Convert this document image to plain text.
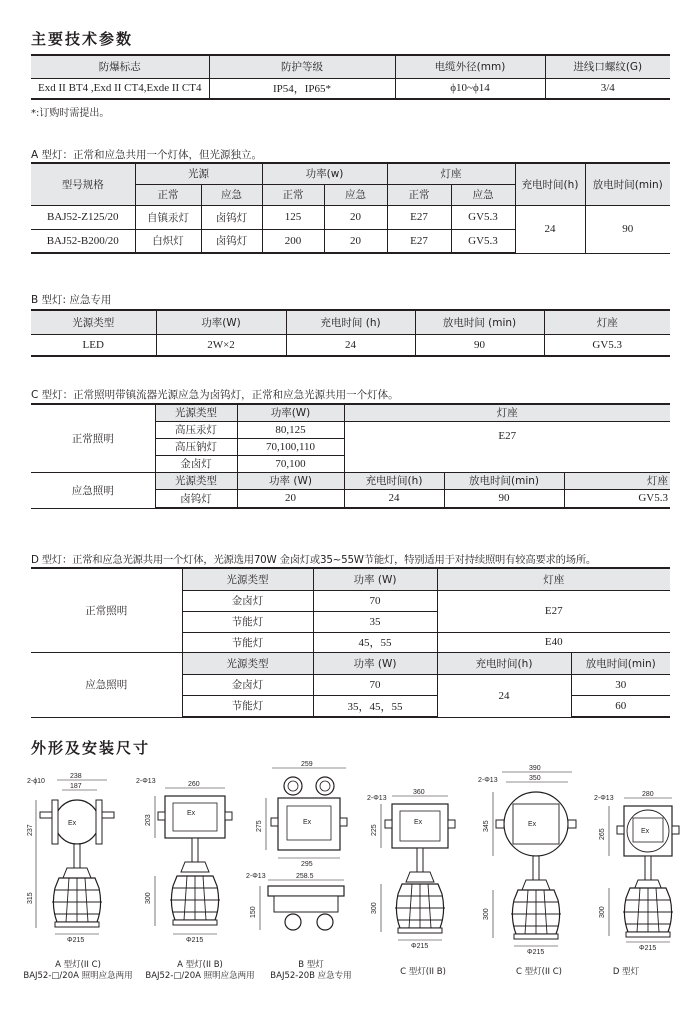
主要技术参数
防爆标志	防护等级	电缆外径(mm)	进线口螺纹(G)
Exd II BT4 ,Exd II CT4,Exde II CT4	IP54，IP65*	ϕ10~ϕ14	3/4
*:订购时需提出。
A 型灯：正常和应急共用一个灯体，但光源独立。
型号规格	光源		功率(w)		灯座		充电时间(h)	放电时间(min)
	正常	应急	正常	应急	正常	应急		
BAJ52-Z125/20	自镇汞灯	卤钨灯	125	20	E27	GV5.3	24	90
BAJ52-B200/20	白炽灯	卤钨灯	200	20	E27	GV5.3		
B 型灯: 应急专用
光源类型	功率(W)	充电时间 (h)	放电时间 (min)	灯座
LED	2W×2	24	90	GV5.3
C 型灯：正常照明带镇流器光源应急为卤钨灯，正常和应急光源共用一个灯体。
正常照明	光源类型	功率(W)	灯座		
	高压汞灯	80,125	E27		
	高压钠灯	70,100,110			
	金卤灯	70,100			
应急照明	光源类型	功率 (W)	充电时间(h)	放电时间(min)	灯座
	卤钨灯	20	24	90	GV5.3
D 型灯：正常和应急光源共用一个灯体，光源选用70W 金卤灯或35~55W节能灯，特别适用于对持续照明有较高要求的场所。
正常照明	光源类型	功率 (W)	灯座	
	金卤灯	70	E27	
	节能灯	35		
	节能灯	45，55	E40	
应急照明	光源类型	功率 (W)	充电时间(h)	放电时间(min)
	金卤灯	70	24	30
	节能灯	35，45，55		60
外形及安装尺寸
Ex
2-ϕ10
238
187
237
315
Φ215
Ex
2-Φ13	260
203
300
Φ215
Ex
259
275
295
2-Φ13	258.5
150
Ex
2-Φ13
360
225
300
Φ215
Ex
2-Φ13
390
350
345
300
Φ215
Ex
2-Φ13
280
265
300
Φ215
A 型灯(II C)
BAJ52-□/20A 照明应急两用
A 型灯(II B)
BAJ52-□/20A 照明应急两用
B 型灯
BAJ52-20B 应急专用	C 型灯(II B)	C 型灯(II C)	D 型灯
